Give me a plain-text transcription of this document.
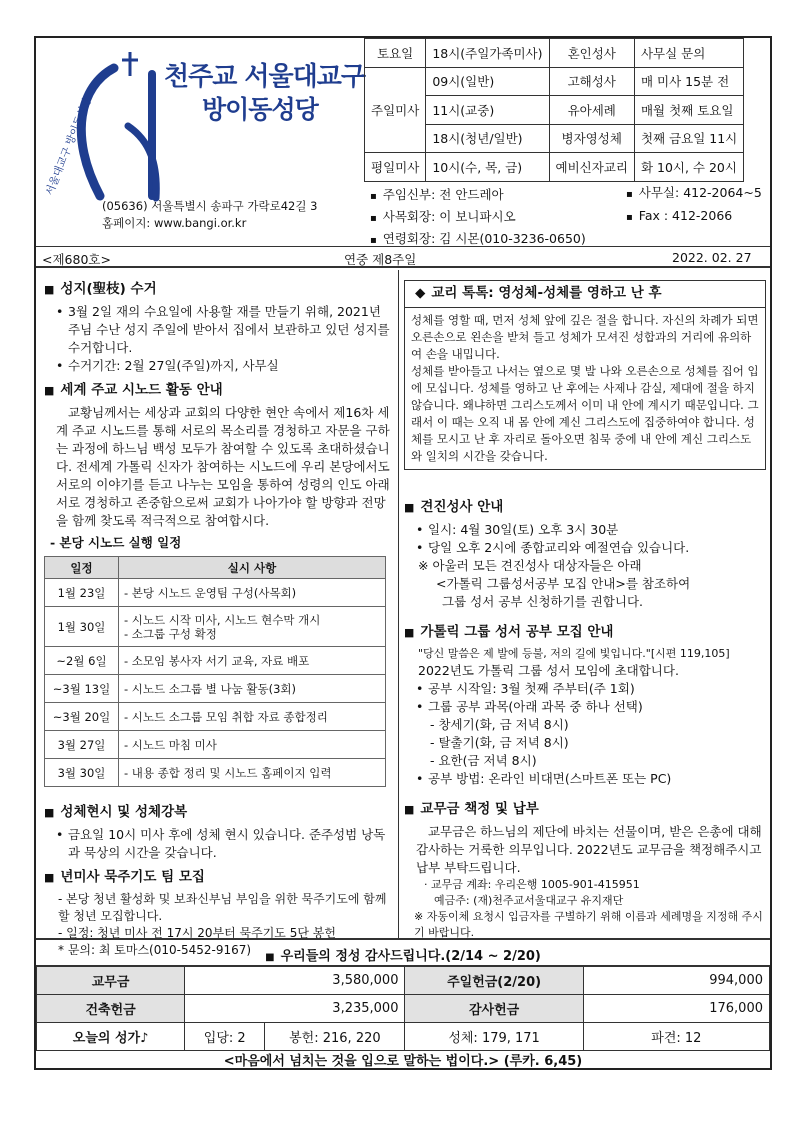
서울대교구 방이동성당
천주교 서울대교구
방이동성당
(05636) 서울특별시 송파구 가락로42길 3
홈페이지: www.bangi.or.kr
토요일	18시(주일가족미사)	혼인성사	사무실 문의
주일미사	09시(일반)	고해성사	매 미사 15분 전
	11시(교중)	유아세례	매월 첫째 토요일
	18시(청년/일반)	병자영성체	첫째 금요일 11시
평일미사	10시(수, 목, 금)	예비신자교리	화 10시, 수 20시
▪ 주임신부: 전 안드레아
▪ 사목회장: 이 보니파시오
▪ 연령회장: 김 시몬(010-3236-0650)
▪ 사무실: 412-2064~5
▪ Fax : 412-2066
<제680호>	연중 제8주일	2022. 02. 27
■ 성지(聖枝) 수거
• 3월 2일 재의 수요일에 사용할 재를 만들기 위해, 2021년 주님 수난 성지 주일에 받아서 집에서 보관하고 있던 성지를 수거합니다.
• 수거기간: 2월 27일(주일)까지, 사무실
■ 세계 주교 시노드 활동 안내

교황님께서는 세상과 교회의 다양한 현안 속에서 제16차 세계 주교 시노드를 통해 서로의 목소리를 경청하고 자문을 구하는 과정에 하느님 백성 모두가 참여할 수 있도록 초대하셨습니다. 전세계 가톨릭 신자가 참여하는 시노드에 우리 본당에서도 서로의 이야기를 듣고 나누는 모임을 통하여 성령의 인도 아래 서로 경청하고 존중함으로써 교회가 나아가야 할 방향과 전망을 함께 찾도록 적극적으로 참여합시다.

- 본당 시노드 실행 일정
일정	실시 사항
1월 23일	- 본당 시노드 운영팀 구성(사목회)
1월 30일	- 시노드 시작 미사, 시노드 현수막 개시
- 소그룹 구성 확정
~2월 6일	- 소모임 봉사자 서기 교육, 자료 배포
~3월 13일	- 시노드 소그룹 별 나눔 활동(3회)
~3월 20일	- 시노드 소그룹 모임 취합 자료 종합정리
3월 27일	- 시노드 마침 미사
3월 30일	- 내용 종합 정리 및 시노드 홈페이지 입력
■ 성체현시 및 성체강복
• 금요일 10시 미사 후에 성체 현시 있습니다. 준주성범 낭독과 묵상의 시간을 갖습니다.
■ 년미사 묵주기도 팀 모집
- 본당 청년 활성화 및 보좌신부님 부임을 위한 묵주기도에 함께할 청년 모집합니다.
- 일정: 청년 미사 전 17시 20부터 묵주기도 5단 봉헌
* 문의: 최 토마스(010-5452-9167)
◆ 교리 톡톡: 영성체-성체를 영하고 난 후

성체를 영할 때, 먼저 성체 앞에 깊은 절을 합니다. 자신의 차례가 되면 오른손으로 왼손을 받쳐 들고 성체가 모셔진 성합과의 거리에 유의하여 손을 내밉니다.

성체를 받아들고 나서는 옆으로 몇 발 나와 오른손으로 성체를 집어 입에 모십니다. 성체를 영하고 난 후에는 사제나 감실, 제대에 절을 하지 않습니다. 왜냐하면 그리스도께서 이미 내 안에 계시기 때문입니다. 그래서 이 때는 오직 내 몸 안에 계신 그리스도에 집중하여야 합니다. 성체를 모시고 난 후 자리로 돌아오면 침묵 중에 내 안에 계신 그리스도와 일치의 시간을 갖습니다.

■ 견진성사 안내
• 일시: 4월 30일(토) 오후 3시 30분
• 당일 오후 2시에 종합교리와 예절연습 있습니다.
※ 아울러 모든 견진성사 대상자들은 아래
<가톨릭 그룹성서공부 모집 안내>를 참조하여
그룹 성서 공부 신청하기를 권합니다.
■ 가톨릭 그룹 성서 공부 모집 안내
"당신 말씀은 제 발에 등불, 저의 길에 빛입니다."[시편 119,105]
2022년도 가톨릭 그룹 성서 모임에 초대합니다.
• 공부 시작일: 3월 첫째 주부터(주 1회)
• 그룹 공부 과목(아래 과목 중 하나 선택)
- 창세기(화, 금 저녁 8시)
- 탈출기(화, 금 저녁 8시)
- 요한(금 저녁 8시)
• 공부 방법: 온라인 비대면(스마트폰 또는 PC)
■ 교무금 책정 및 납부

교무금은 하느님의 제단에 바치는 선물이며, 받은 은총에 대해 감사하는 거룩한 의무입니다. 2022년도 교무금을 책정해주시고 납부 부탁드립니다.

· 교무금 계좌: 우리은행 1005-901-415951
예금주: (재)천주교서울대교구 유지재단
※ 자동이체 요청시 입금자를 구별하기 위해 이름과 세례명을 지정해 주시기 바랍니다.
■ 우리들의 정성 감사드립니다.(2/14 ~ 2/20)
교무금	3,580,000		주일헌금(2/20)	994,000
건축헌금	3,235,000		감사헌금	176,000
오늘의 성가♪	입당: 2	봉헌: 216, 220	성체: 179, 171	파견: 12
<마음에서 넘치는 것을 입으로 말하는 법이다.> (루카. 6,45)
